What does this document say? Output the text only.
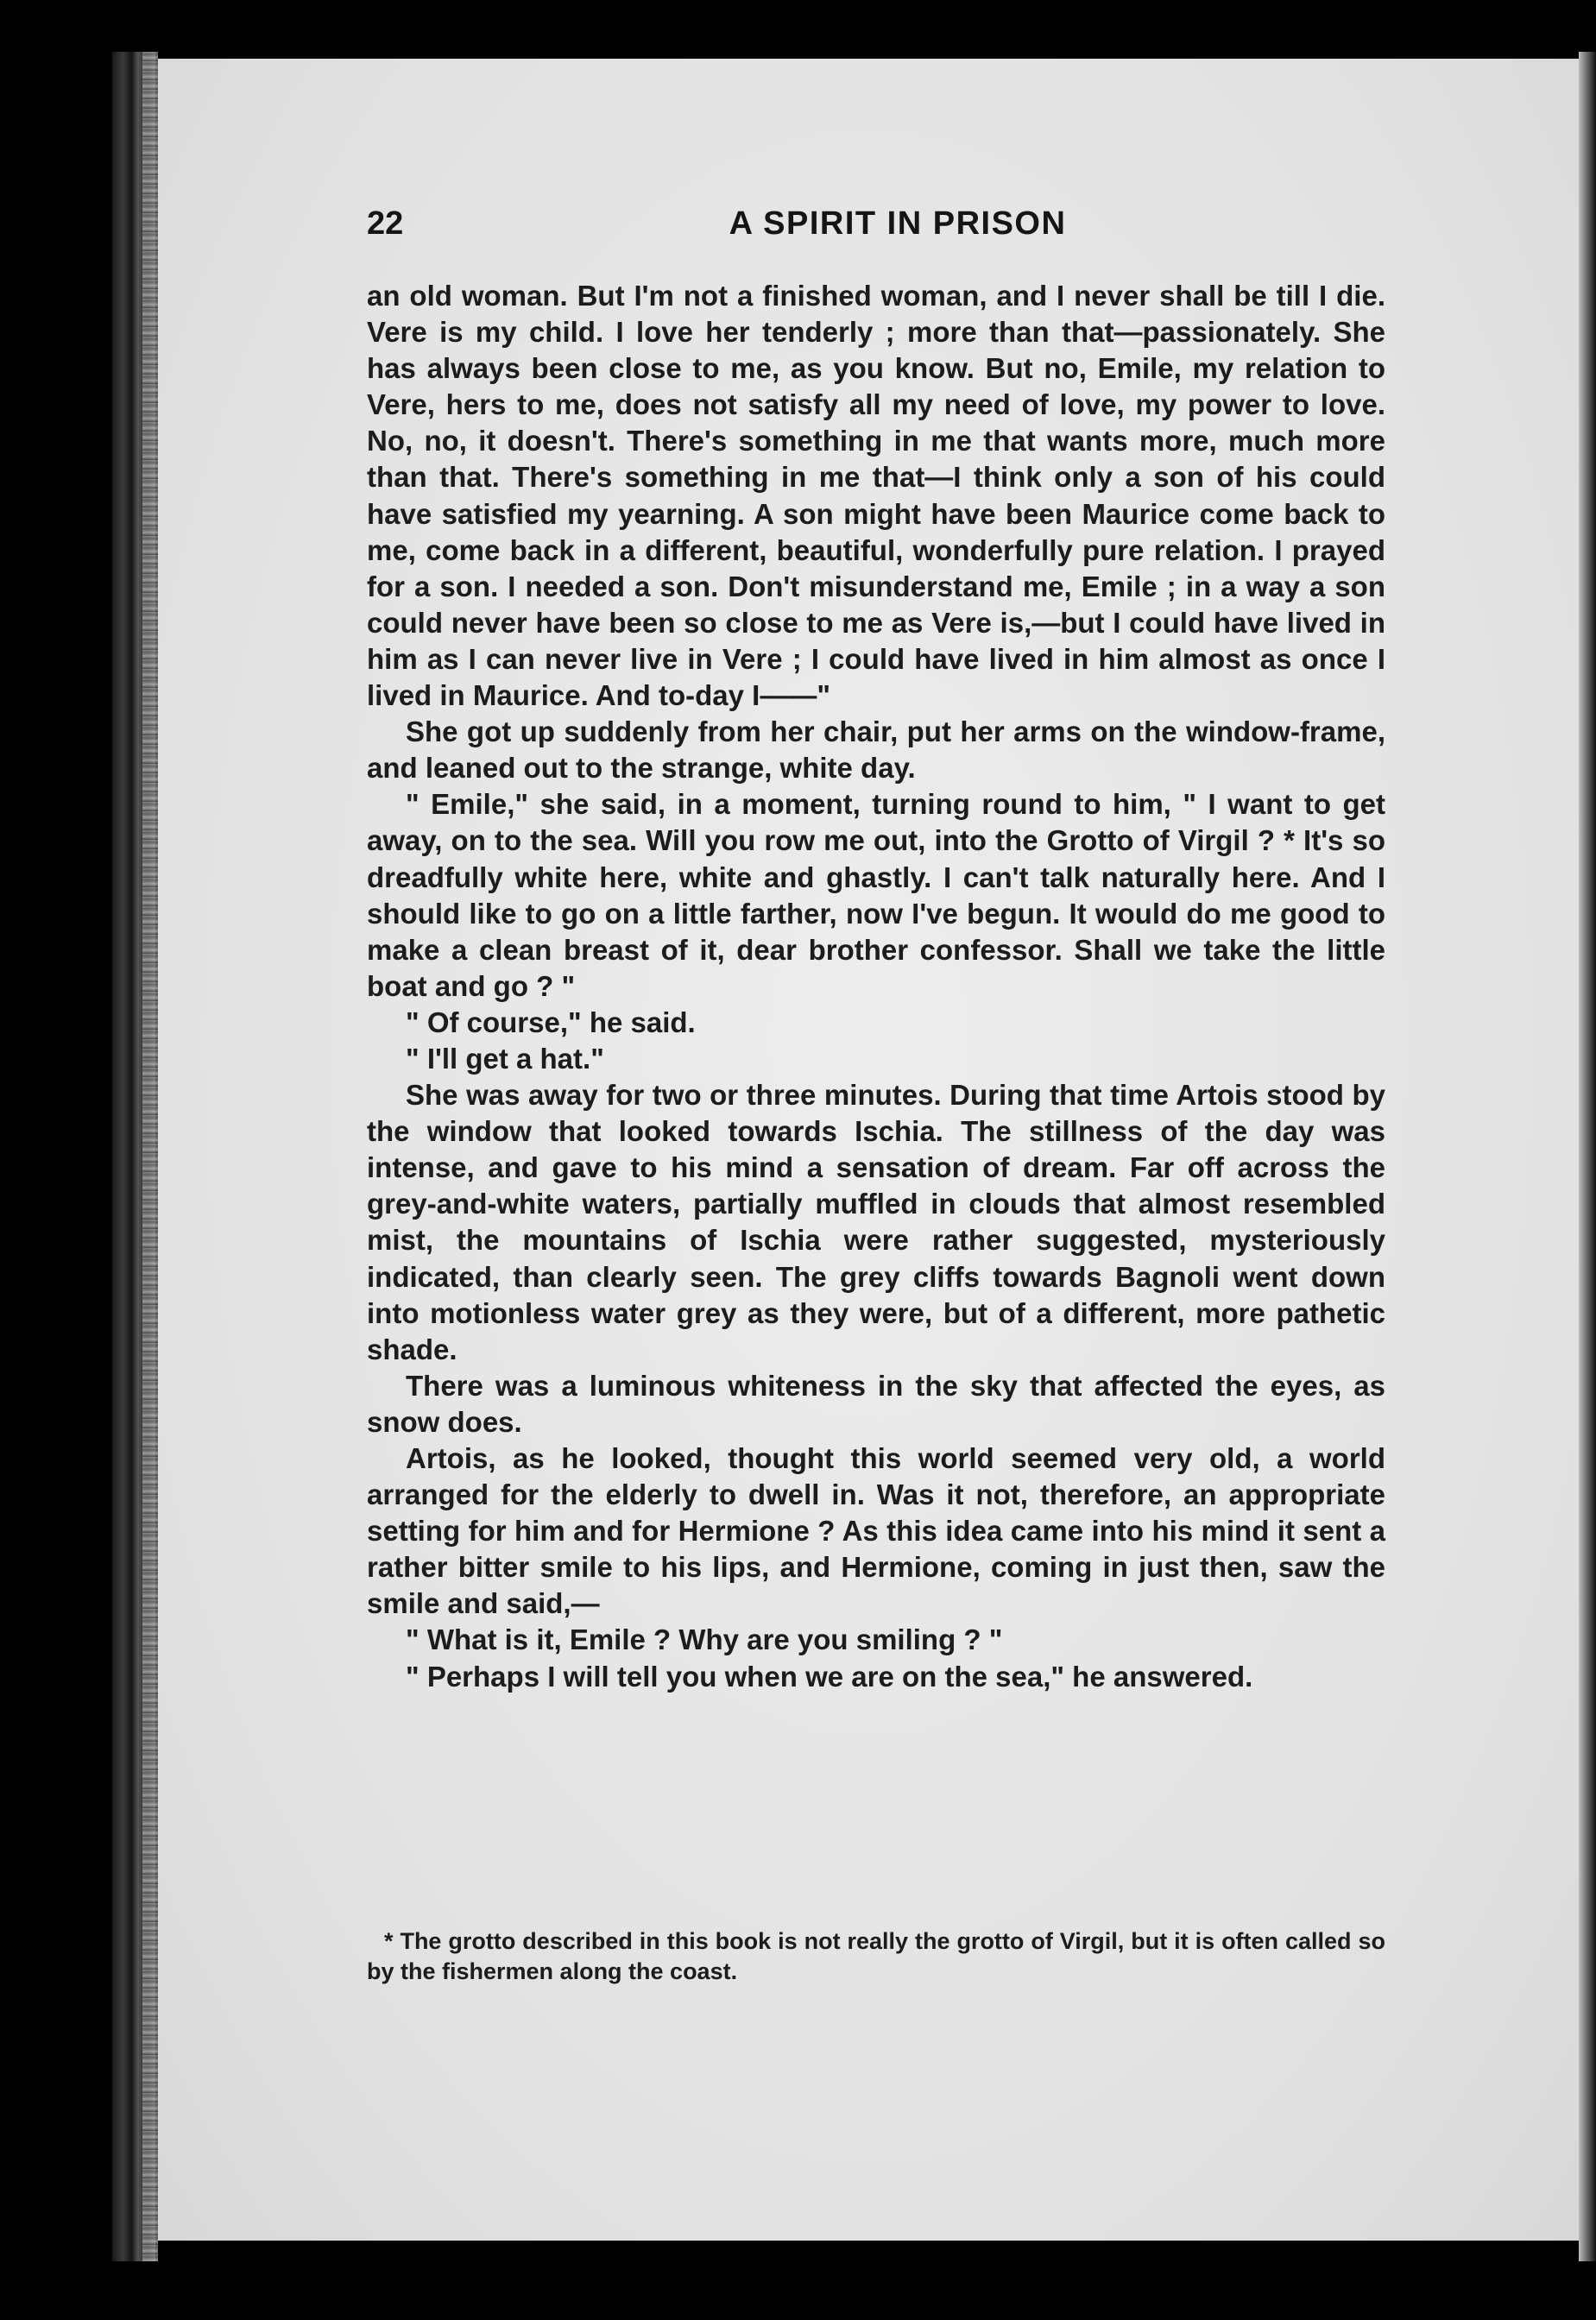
22	A SPIRIT IN PRISON

an old woman. But I'm not a finished woman, and I never shall be till I die. Vere is my child. I love her tenderly ; more than that—passionately. She has always been close to me, as you know. But no, Emile, my relation to Vere, hers to me, does not satisfy all my need of love, my power to love. No, no, it doesn't. There's something in me that wants more, much more than that. There's something in me that—I think only a son of his could have satisfied my yearning. A son might have been Maurice come back to me, come back in a different, beautiful, wonderfully pure relation. I prayed for a son. I needed a son. Don't misunderstand me, Emile ; in a way a son could never have been so close to me as Vere is,—but I could have lived in him as I can never live in Vere ; I could have lived in him almost as once I lived in Maurice. And to-day I——"

She got up suddenly from her chair, put her arms on the window-frame, and leaned out to the strange, white day.

" Emile," she said, in a moment, turning round to him, " I want to get away, on to the sea. Will you row me out, into the Grotto of Virgil ? * It's so dreadfully white here, white and ghastly. I can't talk naturally here. And I should like to go on a little farther, now I've begun. It would do me good to make a clean breast of it, dear brother confessor. Shall we take the little boat and go ? "

" Of course," he said.

" I'll get a hat."

She was away for two or three minutes. During that time Artois stood by the window that looked towards Ischia. The stillness of the day was intense, and gave to his mind a sensation of dream. Far off across the grey-and-white waters, partially muffled in clouds that almost resembled mist, the mountains of Ischia were rather suggested, mysteriously indicated, than clearly seen. The grey cliffs towards Bagnoli went down into motionless water grey as they were, but of a different, more pathetic shade.

There was a luminous whiteness in the sky that affected the eyes, as snow does.

Artois, as he looked, thought this world seemed very old, a world arranged for the elderly to dwell in. Was it not, therefore, an appropriate setting for him and for Hermione ? As this idea came into his mind it sent a rather bitter smile to his lips, and Hermione, coming in just then, saw the smile and said,—

" What is it, Emile ? Why are you smiling ? "

" Perhaps I will tell you when we are on the sea," he answered.

* The grotto described in this book is not really the grotto of Virgil, but it is often called so by the fishermen along the coast.
